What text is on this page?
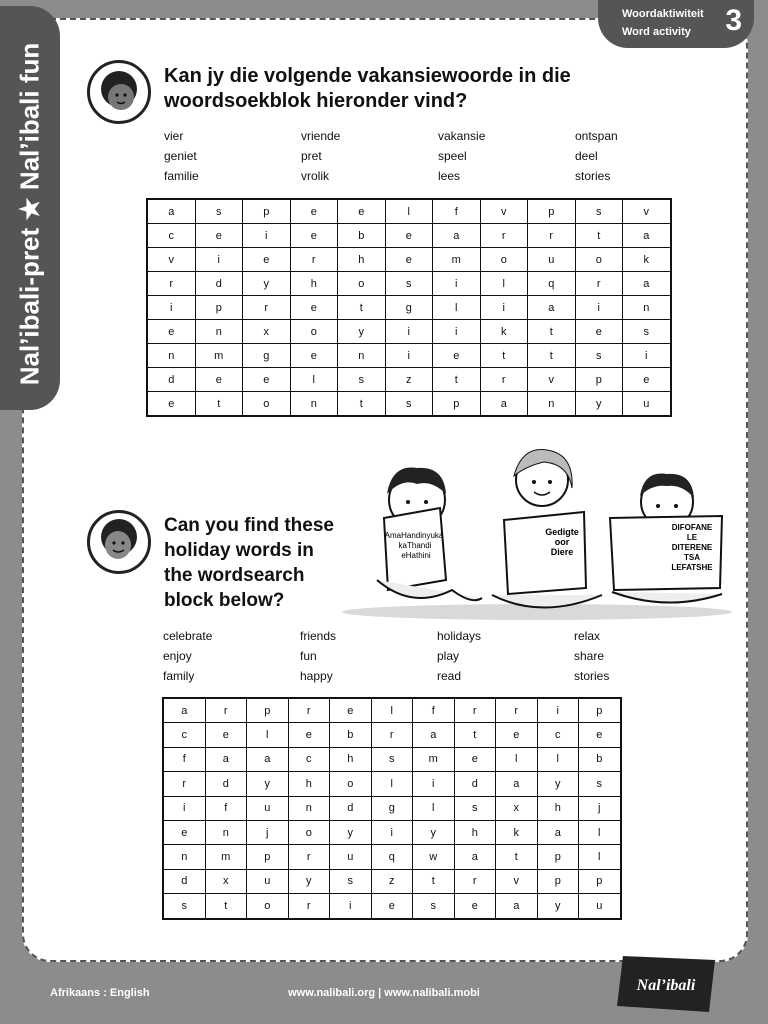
Nal’ibali-pret ★ Nal’ibali fun
Woordaktiwiteit
Word activity 3
Kan jy die volgende vakansiewoorde in die
woordsoekblok hieronder vind?
vier	vriende	vakansie	ontspan
geniet	pret	speel	deel
familie	vrolik	lees	stories
a	s	p	e	e	l	f	v	p	s	v
c	e	i	e	b	e	a	r	r	t	a
v	i	e	r	h	e	m	o	u	o	k
r	d	y	h	o	s	i	l	q	r	a
i	p	r	e	t	g	l	i	a	i	n
e	n	x	o	y	i	i	k	t	e	s
n	m	g	e	n	i	e	t	t	s	i
d	e	e	l	s	z	t	r	v	p	e
e	t	o	n	t	s	p	a	n	y	u
AmaHandinyuka
kaThandi
eHathini
Gedigte
oor
Diere
DIFOFANE
LE
DITERENE
TSA
LEFATSHE
Can you find these
holiday words in
the wordsearch
block below?
celebrate	friends	holidays	relax
enjoy	fun	play	share
family	happy	read	stories
a	r	p	r	e	l	f	r	r	i	p
c	e	l	e	b	r	a	t	e	c	e
f	a	a	c	h	s	m	e	l	l	b
r	d	y	h	o	l	i	d	a	y	s
i	f	u	n	d	g	l	s	x	h	j
e	n	j	o	y	i	y	h	k	a	l
n	m	p	r	u	q	w	a	t	p	l
d	x	u	y	s	z	t	r	v	p	p
s	t	o	r	i	e	s	e	a	y	u
Afrikaans : English	www.nalibali.org | www.nalibali.mobi	Nal’ibali
